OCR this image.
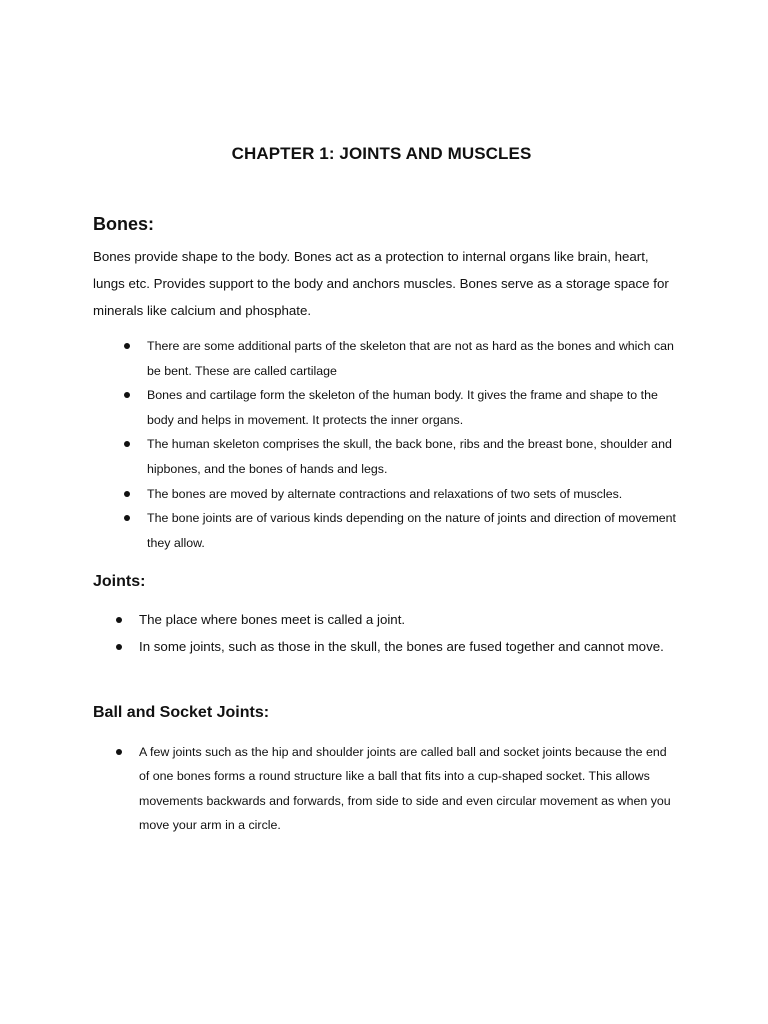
CHAPTER 1: JOINTS AND MUSCLES
Bones:

Bones provide shape to the body. Bones act as a protection to internal organs like brain, heart, lungs etc. Provides support to the body and anchors muscles. Bones serve as a storage space for minerals like calcium and phosphate.

There are some additional parts of the skeleton that are not as hard as the bones and which can be bent. These are called cartilage
Bones and cartilage form the skeleton of the human body. It gives the frame and shape to the body and helps in movement. It protects the inner organs.
The human skeleton comprises the skull, the back bone, ribs and the breast bone, shoulder and hipbones, and the bones of hands and legs.
The bones are moved by alternate contractions and relaxations of two sets of muscles.
The bone joints are of various kinds depending on the nature of joints and direction of movement they allow.
Joints:
The place where bones meet is called a joint.
In some joints, such as those in the skull, the bones are fused together and cannot move.
Ball and Socket Joints:
A few joints such as the hip and shoulder joints are called ball and socket joints because the end of one bones forms a round structure like a ball that fits into a cup-shaped socket. This allows movements backwards and forwards, from side to side and even circular movement as when you move your arm in a circle.
